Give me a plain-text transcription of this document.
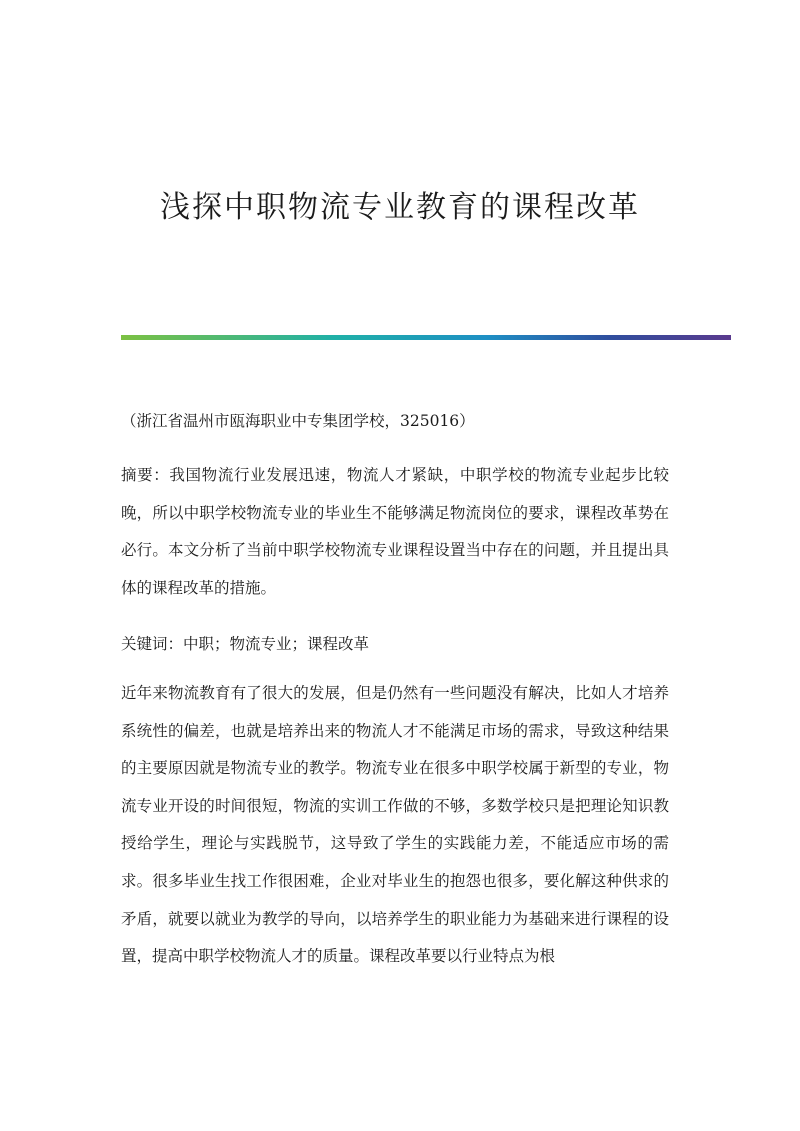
浅探中职物流专业教育的课程改革
（浙江省温州市瓯海职业中专集团学校，325016）

摘要：我国物流行业发展迅速，物流人才紧缺，中职学校的物流专业起步比较晚，所以中职学校物流专业的毕业生不能够满足物流岗位的要求，课程改革势在必行。本文分析了当前中职学校物流专业课程设置当中存在的问题，并且提出具体的课程改革的措施。

关键词：中职；物流专业；课程改革

近年来物流教育有了很大的发展，但是仍然有一些问题没有解决，比如人才培养系统性的偏差，也就是培养出来的物流人才不能满足市场的需求，导致这种结果的主要原因就是物流专业的教学。物流专业在很多中职学校属于新型的专业，物流专业开设的时间很短，物流的实训工作做的不够，多数学校只是把理论知识教授给学生，理论与实践脱节，这导致了学生的实践能力差，不能适应市场的需求。很多毕业生找工作很困难，企业对毕业生的抱怨也很多，要化解这种供求的矛盾，就要以就业为教学的导向，以培养学生的职业能力为基础来进行课程的设置，提高中职学校物流人才的质量。课程改革要以行业特点为根
